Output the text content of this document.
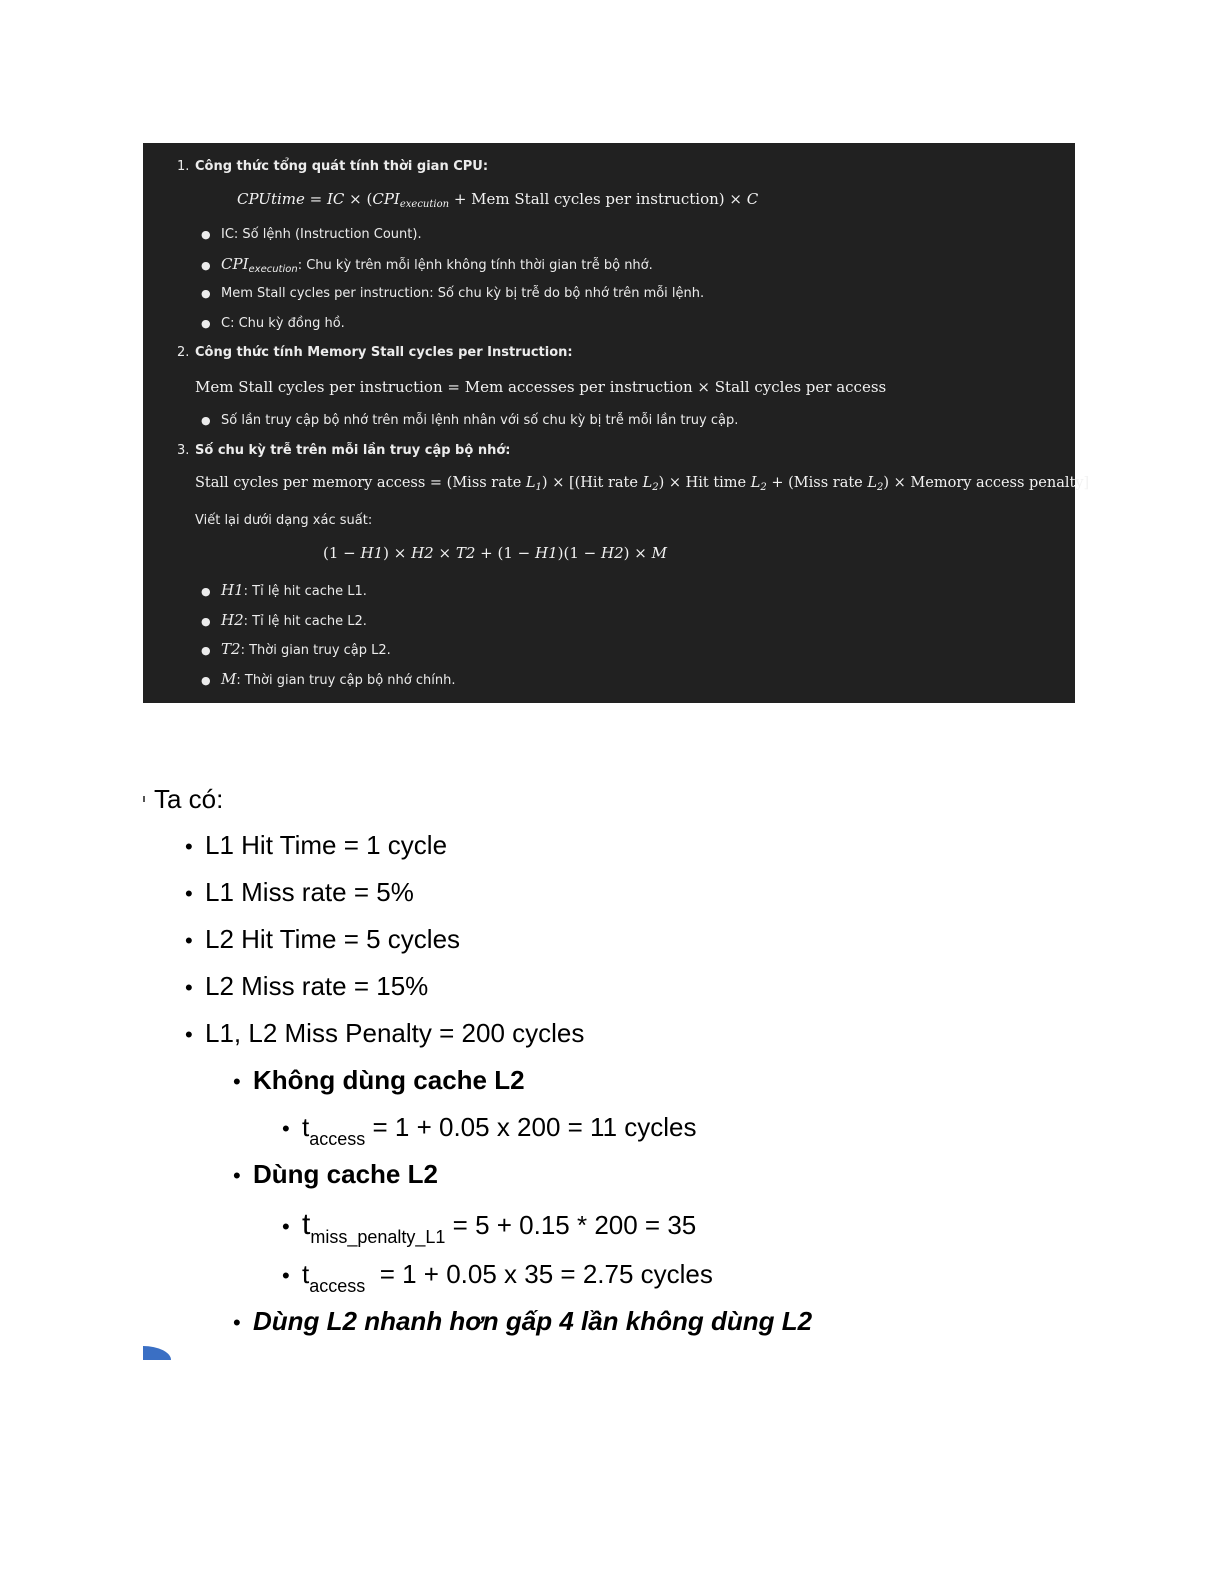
1. Công thức tổng quát tính thời gian CPU:
CPUtime = IC × ($CPI_{execution}$ + Mem Stall cycles per instruction) × C
● IC: Số lệnh (Instruction Count).
● $CPI_{execution}$: Chu kỳ trên mỗi lệnh không tính thời gian trễ bộ nhớ.
● Mem Stall cycles per instruction: Số chu kỳ bị trễ do bộ nhớ trên mỗi lệnh.
● C: Chu kỳ đồng hồ.
2. Công thức tính Memory Stall cycles per Instruction:
Mem Stall cycles per instruction = Mem accesses per instruction × Stall cycles per access
● Số lần truy cập bộ nhớ trên mỗi lệnh nhân với số chu kỳ bị trễ mỗi lần truy cập.
3. Số chu kỳ trễ trên mỗi lần truy cập bộ nhớ:
Stall cycles per memory access = (Miss rate $L_1) \times [(Hit$ rate $L_2$) × Hit time $L_2$ + (Miss rate $L_2$) × Memory access penalty]
Viết lại dưới dạng xác suất:
(1 − H1) × H2 × T2 + (1 − H1)(1 − H2) × M
● H1: Tỉ lệ hit cache L1.
● H2: Tỉ lệ hit cache L2.
● T2: Thời gian truy cập L2.
● M: Thời gian truy cập bộ nhớ chính.
Ta có:
• L1 Hit Time = 1 cycle
• L1 Miss rate = 5%
• L2 Hit Time = 5 cycles
• L2 Miss rate = 15%
• L1, L2 Miss Penalty = 200 cycles
• Không dùng cache L2
• $t_{access} = 1 + 0.05$ x 200 = 11 cycles
• Dùng cache L2
• $t_{miss\_penalty\_L1} = 5 + 0.15 * 200 = 35$
• $t_{access} = 1 + 0.05$ x 35 = 2.75 cycles
• Dùng L2 nhanh hơn gấp 4 lần không dùng L2
